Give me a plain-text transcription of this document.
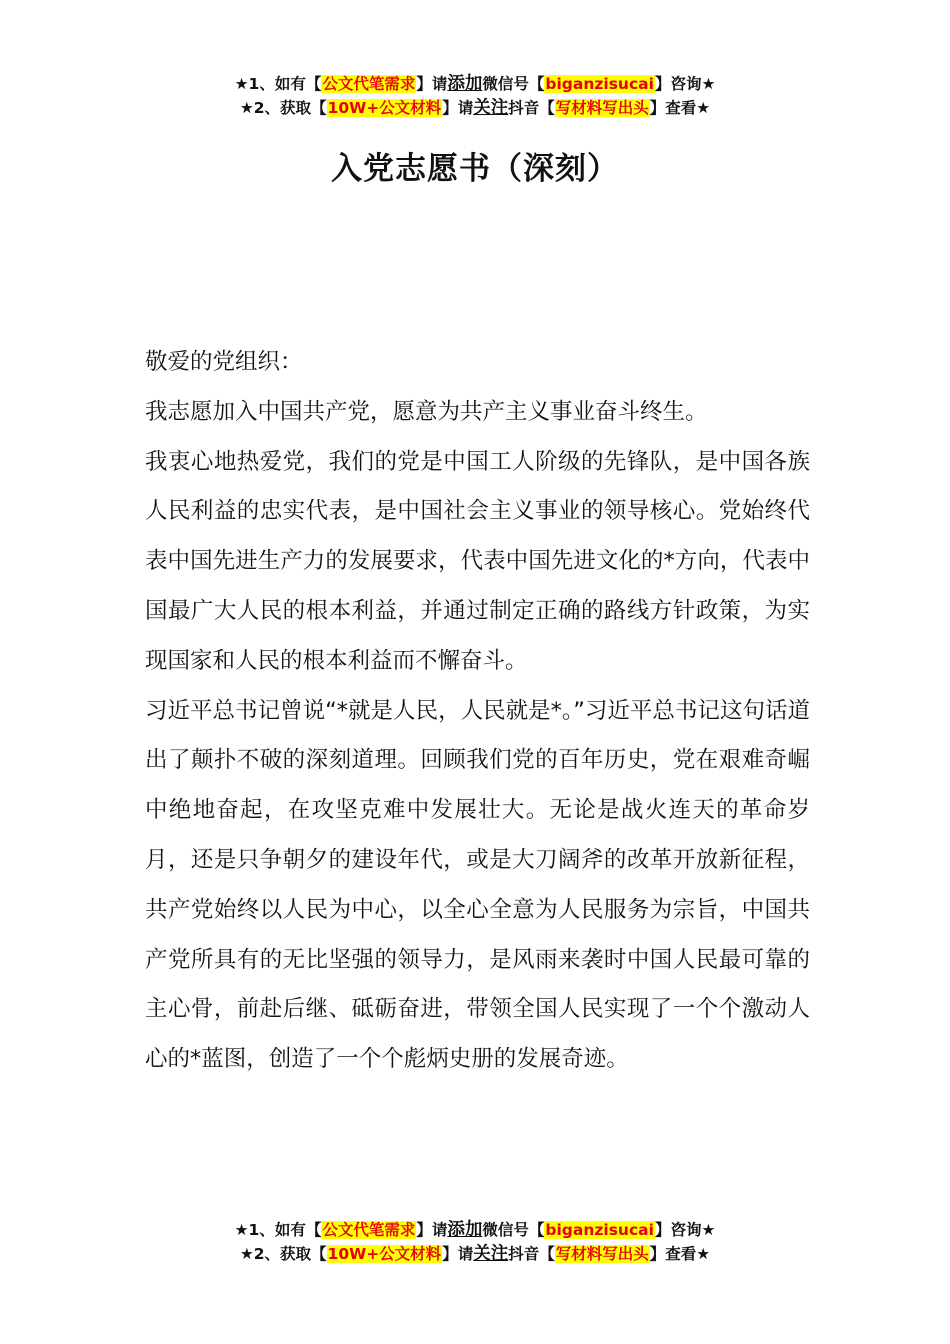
★1、如有【公文代笔需求】请添加微信号【biganzisucai】咨询★
★2、获取【10W+公文材料】请关注抖音【写材料写出头】查看★
入党志愿书（深刻）

敬爱的党组织：

我志愿加入中国共产党，愿意为共产主义事业奋斗终生。

我衷心地热爱党，我们的党是中国工人阶级的先锋队，是中国各族人民利益的忠实代表，是中国社会主义事业的领导核心。党始终代表中国先进生产力的发展要求，代表中国先进文化的*方向，代表中国最广大人民的根本利益，并通过制定正确的路线方针政策，为实现国家和人民的根本利益而不懈奋斗。

习近平总书记曾说“*就是人民，人民就是*。”习近平总书记这句话道出了颠扑不破的深刻道理。回顾我们党的百年历史，党在艰难奇崛中绝地奋起，在攻坚克难中发展壮大。无论是战火连天的革命岁月，还是只争朝夕的建设年代，或是大刀阔斧的改革开放新征程，共产党始终以人民为中心，以全心全意为人民服务为宗旨，中国共产党所具有的无比坚强的领导力，是风雨来袭时中国人民最可靠的主心骨，前赴后继、砥砺奋进，带领全国人民实现了一个个激动人心的*蓝图，创造了一个个彪炳史册的发展奇迹。

★1、如有【公文代笔需求】请添加微信号【biganzisucai】咨询★
★2、获取【10W+公文材料】请关注抖音【写材料写出头】查看★
